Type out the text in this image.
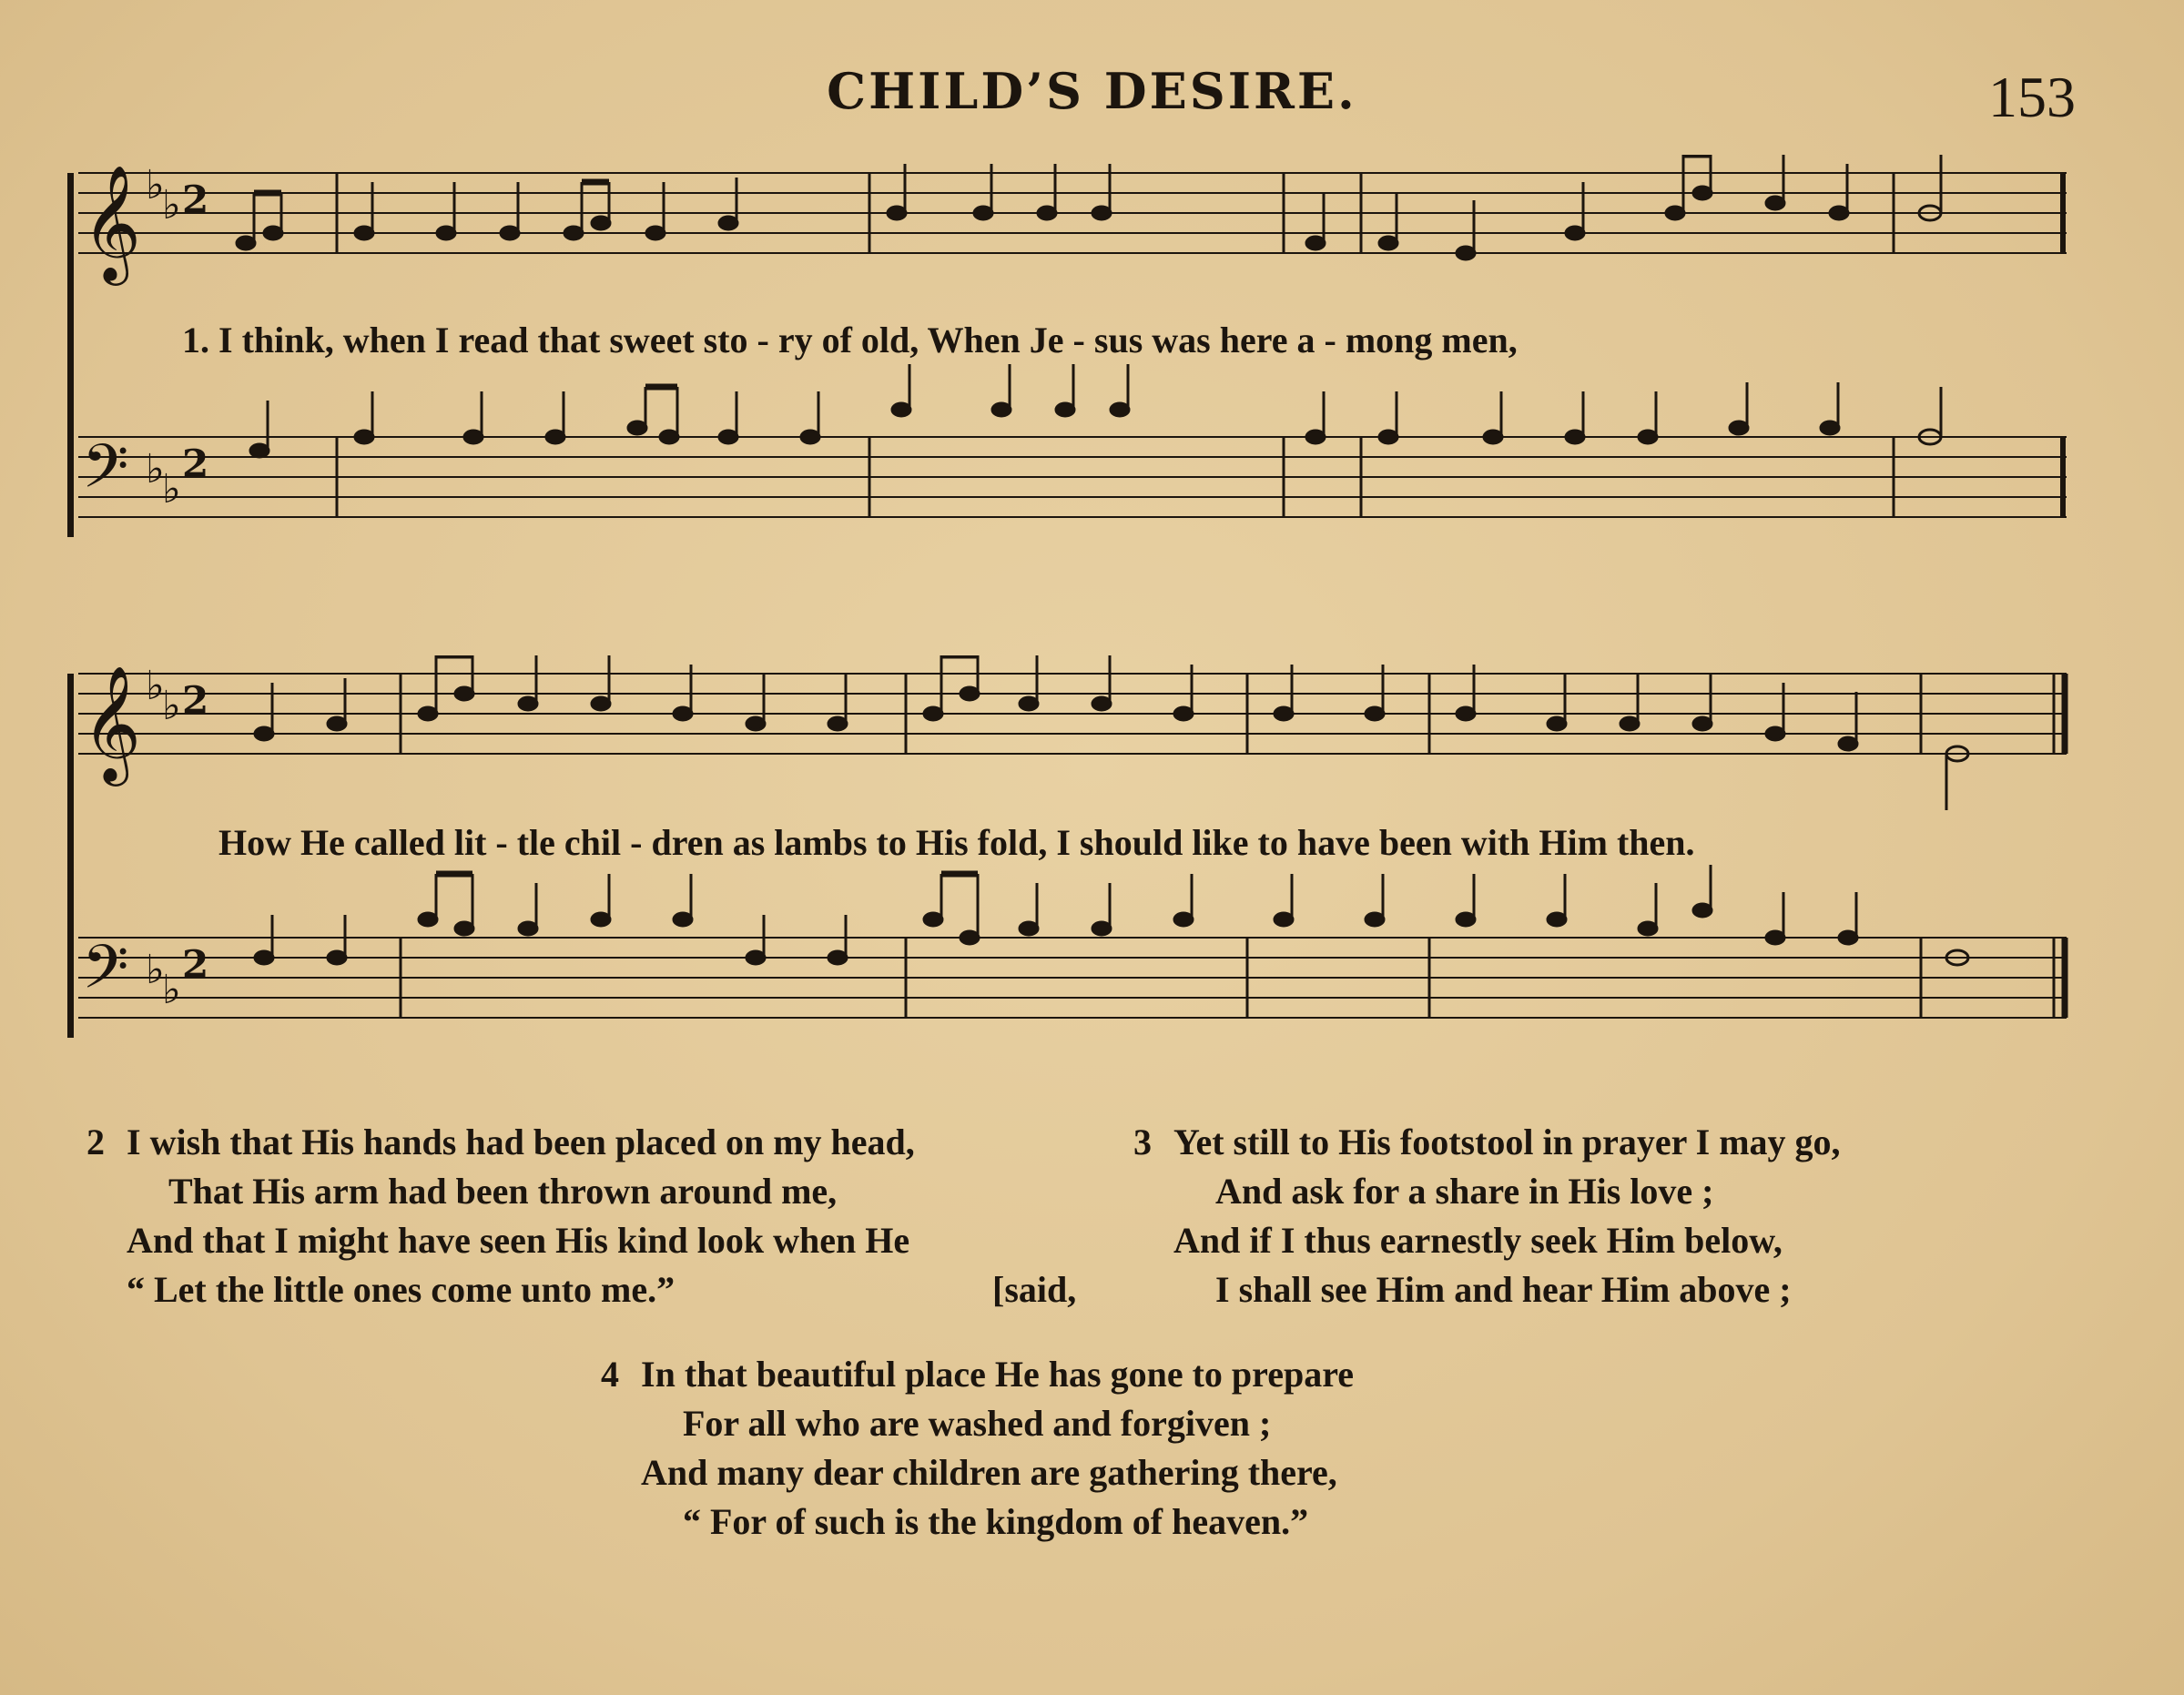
CHILD’S DESIRE.	153
𝄞
𝄢
♭
♭
♭
♭
2
2
1. I think, when I read that sweet sto - ry of old, When Je - sus was here a - mong men,
𝄞
𝄢
♭
♭
♭
♭
2
2
How He called lit - tle chil - dren as lambs to His fold, I should like to have been with Him then.
2 I wish that His hands had been placed on my head,
That His arm had been thrown around me,
And that I might have seen His kind look when He
“ Let the little ones come unto me.”	[said,
3 Yet still to His footstool in prayer I may go,
And ask for a share in His love ;
And if I thus earnestly seek Him below,
I shall see Him and hear Him above ;
4 In that beautiful place He has gone to prepare
For all who are washed and forgiven ;
And many dear children are gathering there,
“ For of such is the kingdom of heaven.”
